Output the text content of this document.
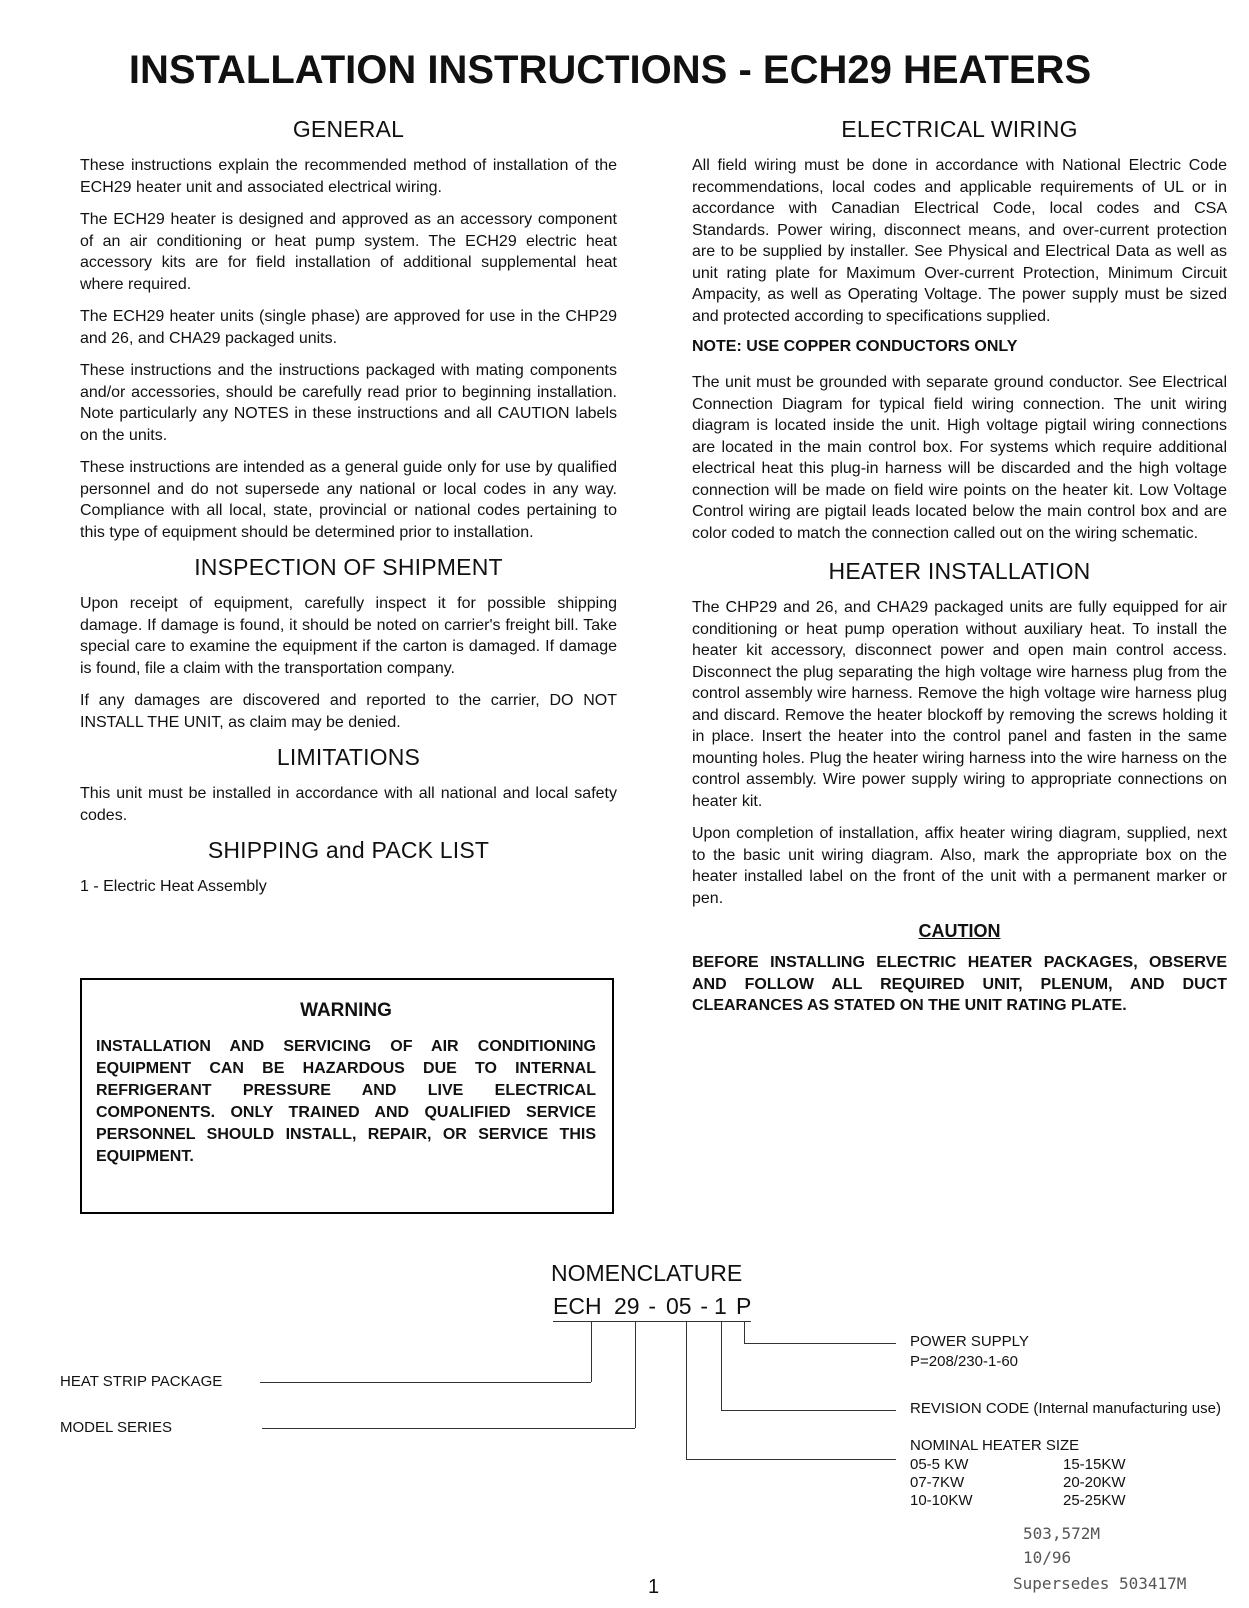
INSTALLATION INSTRUCTIONS - ECH29 HEATERS
GENERAL

These instructions explain the recommended method of installation of the ECH29 heater unit and associated electrical wiring.

The ECH29 heater is designed and approved as an accessory component of an air conditioning or heat pump system. The ECH29 electric heat accessory kits are for field installation of additional supplemental heat where required.

The ECH29 heater units (single phase) are approved for use in the CHP29 and 26, and CHA29 packaged units.

These instructions and the instructions packaged with mating components and/or accessories, should be carefully read prior to beginning installation. Note particularly any NOTES in these instructions and all CAUTION labels on the units.

These instructions are intended as a general guide only for use by qualified personnel and do not supersede any national or local codes in any way. Compliance with all local, state, provincial or national codes pertaining to this type of equipment should be determined prior to installation.

INSPECTION OF SHIPMENT

Upon receipt of equipment, carefully inspect it for possible shipping damage. If damage is found, it should be noted on carrier's freight bill. Take special care to examine the equipment if the carton is damaged. If damage is found, file a claim with the transportation company.

If any damages are discovered and reported to the carrier, DO NOT INSTALL THE UNIT, as claim may be denied.

LIMITATIONS

This unit must be installed in accordance with all national and local safety codes.

SHIPPING and PACK LIST

1 - Electric Heat Assembly

WARNING
INSTALLATION AND SERVICING OF AIR CONDITIONING EQUIPMENT CAN BE HAZARDOUS DUE TO INTERNAL REFRIGERANT PRESSURE AND LIVE ELECTRICAL COMPONENTS. ONLY TRAINED AND QUALIFIED SERVICE PERSONNEL SHOULD INSTALL, REPAIR, OR SERVICE THIS EQUIPMENT.
ELECTRICAL WIRING

All field wiring must be done in accordance with National Electric Code recommendations, local codes and applicable requirements of UL or in accordance with Canadian Electrical Code, local codes and CSA Standards. Power wiring, disconnect means, and over-current protection are to be supplied by installer. See Physical and Electrical Data as well as unit rating plate for Maximum Over-current Protection, Minimum Circuit Ampacity, as well as Operating Voltage. The power supply must be sized and protected according to specifications supplied.

NOTE: USE COPPER CONDUCTORS ONLY

The unit must be grounded with separate ground conductor. See Electrical Connection Diagram for typical field wiring connection. The unit wiring diagram is located inside the unit. High voltage pigtail wiring connections are located in the main control box. For systems which require additional electrical heat this plug-in harness will be discarded and the high voltage connection will be made on field wire points on the heater kit. Low Voltage Control wiring are pigtail leads located below the main control box and are color coded to match the connection called out on the wiring schematic.

HEATER INSTALLATION

The CHP29 and 26, and CHA29 packaged units are fully equipped for air conditioning or heat pump operation without auxiliary heat. To install the heater kit accessory, disconnect power and open main control access. Disconnect the plug separating the high voltage wire harness plug from the control assembly wire harness. Remove the high voltage wire harness plug and discard. Remove the heater blockoff by removing the screws holding it in place. Insert the heater into the control panel and fasten in the same mounting holes. Plug the heater wiring harness into the wire harness on the control assembly. Wire power supply wiring to appropriate connections on heater kit.

Upon completion of installation, affix heater wiring diagram, supplied, next to the basic unit wiring diagram. Also, mark the appropriate box on the heater installed label on the front of the unit with a permanent marker or pen.

CAUTION
BEFORE INSTALLING ELECTRIC HEATER PACKAGES, OBSERVE AND FOLLOW ALL REQUIRED UNIT, PLENUM, AND DUCT CLEARANCES AS STATED ON THE UNIT RATING PLATE.
NOMENCLATURE
ECH 29 - 05 - 1
P
HEAT STRIP PACKAGE
MODEL SERIES
NOMINAL HEATER SIZE
05-5 KW
07-7KW
10-10KW
15-15KW
20-20KW
25-25KW
REVISION CODE (Internal manufacturing use)
POWER SUPPLY
P=208/230-1-60
503,572M
10/96
Supersedes 503417M
1
